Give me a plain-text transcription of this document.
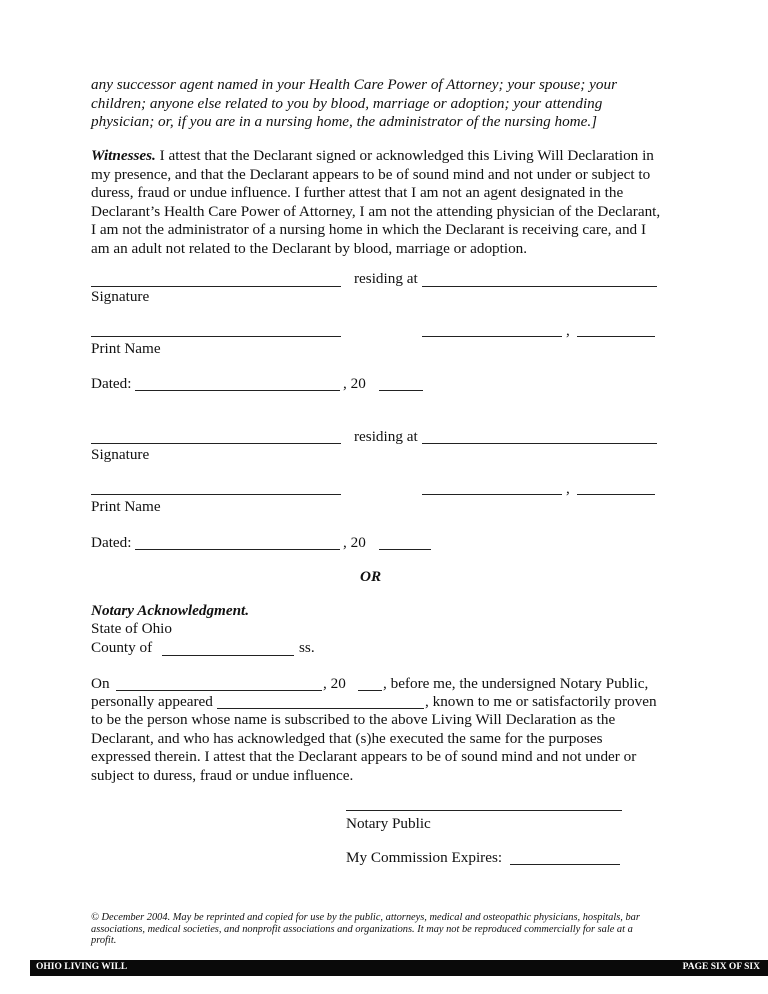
any successor agent named in your Health Care Power of Attorney; your spouse; your children; anyone else related to you by blood, marriage or adoption; your attending physician; or, if you are in a nursing home, the administrator of the nursing home.]
Witnesses. I attest that the Declarant signed or acknowledged this Living Will Declaration in my presence, and that the Declarant appears to be of sound mind and not under or subject to duress, fraud or undue influence. I further attest that I am not an agent designated in the Declarant’s Health Care Power of Attorney, I am not the attending physician of the Declarant, I am not the administrator of a nursing home in which the Declarant is receiving care, and I am an adult not related to the Declarant by blood, marriage or adoption.
residing at
Signature
,
Print Name
Dated:	, 20
residing at
Signature
,
Print Name
Dated:	, 20
OR
Notary Acknowledgment.
State of Ohio
County of	ss.
On	, 20 , before me, the undersigned Notary Public,
personally appeared	, known to me or satisfactorily proven
to be the person whose name is subscribed to the above Living Will Declaration as the Declarant, and who has acknowledged that (s)he executed the same for the purposes expressed therein. I attest that the Declarant appears to be of sound mind and not under or subject to duress, fraud or undue influence.
Notary Public
My Commission Expires:
© December 2004. May be reprinted and copied for use by the public, attorneys, medical and osteopathic physicians, hospitals, bar associations, medical societies, and nonprofit associations and organizations. It may not be reproduced commercially for sale at a profit.
OHIO LIVING WILL	PAGE SIX OF SIX
